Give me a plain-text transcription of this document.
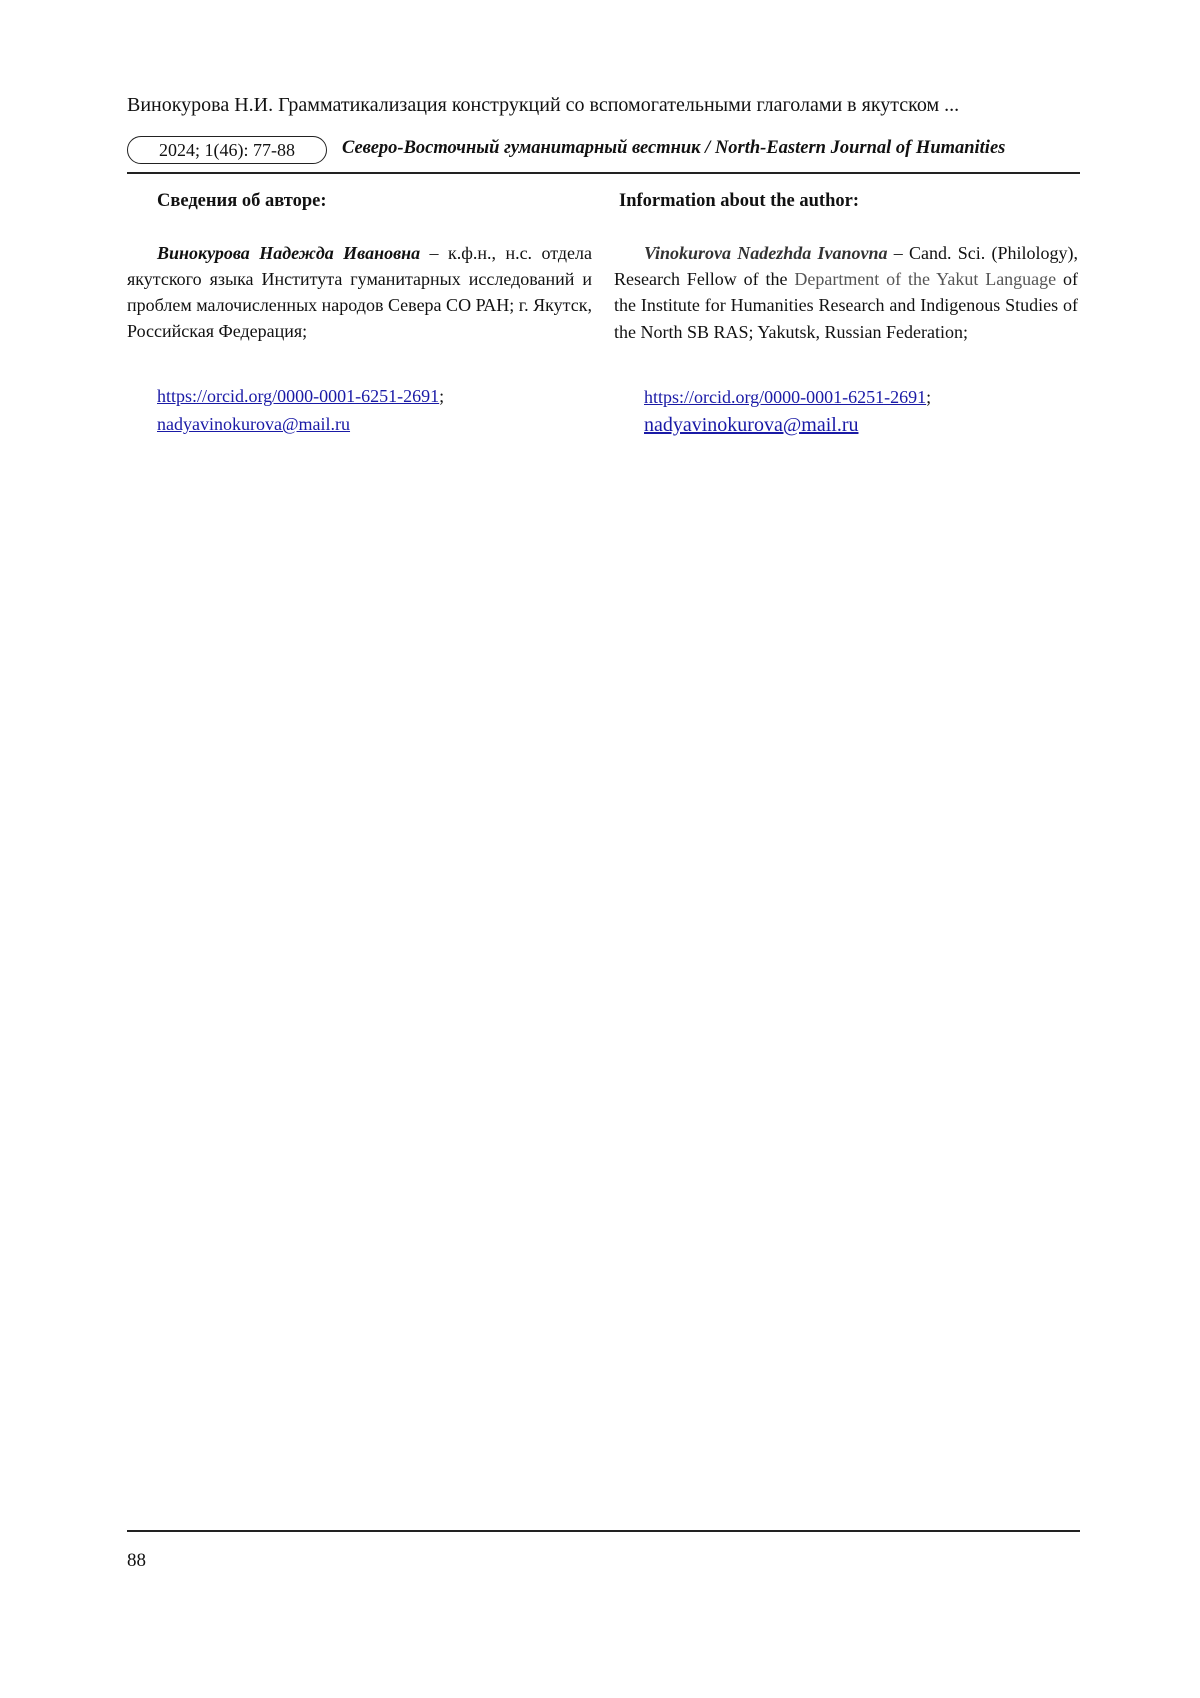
Винокурова Н.И. Грамматикализация конструкций со вспомогательными глаголами в якутском ...
2024; 1(46): 77-88	Северо-Восточный гуманитарный вестник / North-Eastern Journal of Humanities
Сведения об авторе:
Винокурова Надежда Ивановна – к.ф.н., н.с. отдела якутского языка Института гуманитарных исследований и проблем малочисленных народов Севера СО РАН; г. Якутск, Российская Федерация;
https://orcid.org/0000-0001-6251-2691;
nadyavinokurova@mail.ru
Information about the author:
Vinokurova Nadezhda Ivanovna – Cand. Sci. (Philology), Research Fellow of the Department of the Yakut Language of the Institute for Humanities Research and Indigenous Studies of the North SB RAS; Yakutsk, Russian Federation;
https://orcid.org/0000-0001-6251-2691;
nadyavinokurova@mail.ru
88
